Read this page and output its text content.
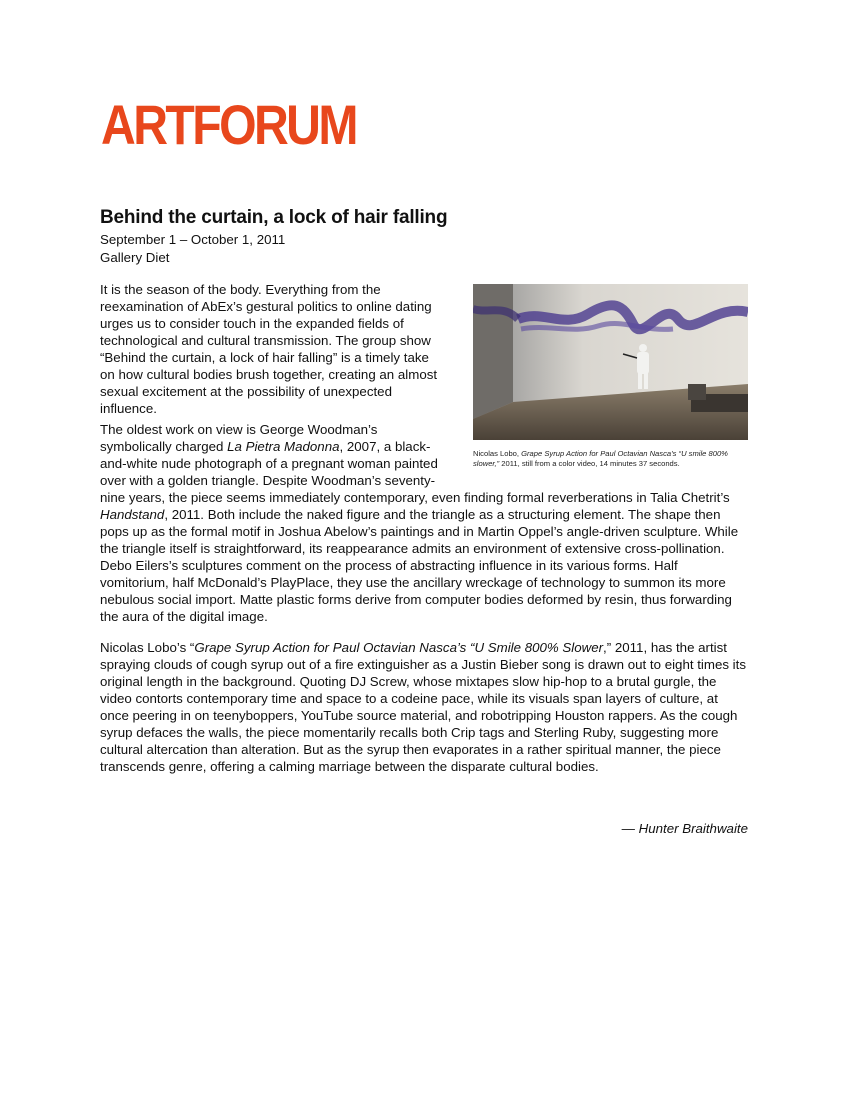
ARTFORUM
Behind the curtain, a lock of hair falling
September 1 – October 1, 2011
Gallery Diet

It is the season of the body. Everything from the reexamination of AbEx’s gestural politics to online dating urges us to consider touch in the expanded fields of technological and cultural transmission. The group show “Behind the curtain, a lock of hair falling” is a timely take on how cultural bodies brush together, creating an almost sexual excitement at the possibility of unexpected influence.

Nicolas Lobo, Grape Syrup Action for Paul Octavian Nasca’s “U smile 800% slower,” 2011, still from a color video, 14 minutes 37 seconds.

The oldest work on view is George Woodman’s symbolically charged La Pietra Madonna, 2007, a black-and-white nude photograph of a pregnant woman painted over with a golden triangle. Despite Woodman’s seventy-nine years, the piece seems immediately contemporary, even finding formal reverberations in Talia Chetrit’s Handstand, 2011. Both include the naked figure and the triangle as a structuring element. The shape then pops up as the formal motif in Joshua Abelow’s paintings and in Martin Oppel’s angle-driven sculpture. While the triangle itself is straightforward, its reappearance admits an environment of extensive cross-pollination. Debo Eilers’s sculptures comment on the process of abstracting influence in its various forms. Half vomitorium, half McDonald’s PlayPlace, they use the ancillary wreckage of technology to summon its more nebulous social import. Matte plastic forms derive from computer bodies deformed by resin, thus forwarding the aura of the digital image.

Nicolas Lobo’s “Grape Syrup Action for Paul Octavian Nasca’s “U Smile 800% Slower,” 2011, has the artist spraying clouds of cough syrup out of a fire extinguisher as a Justin Bieber song is drawn out to eight times its original length in the background. Quoting DJ Screw, whose mixtapes slow hip-hop to a brutal gurgle, the video contorts contemporary time and space to a codeine pace, while its visuals span layers of culture, at once peering in on teenyboppers, YouTube source material, and robotripping Houston rappers. As the cough syrup defaces the walls, the piece momentarily recalls both Crip tags and Sterling Ruby, suggesting more cultural altercation than alteration. But as the syrup then evaporates in a rather spiritual manner, the piece transcends genre, offering a calming marriage between the disparate cultural bodies.

— Hunter Braithwaite
